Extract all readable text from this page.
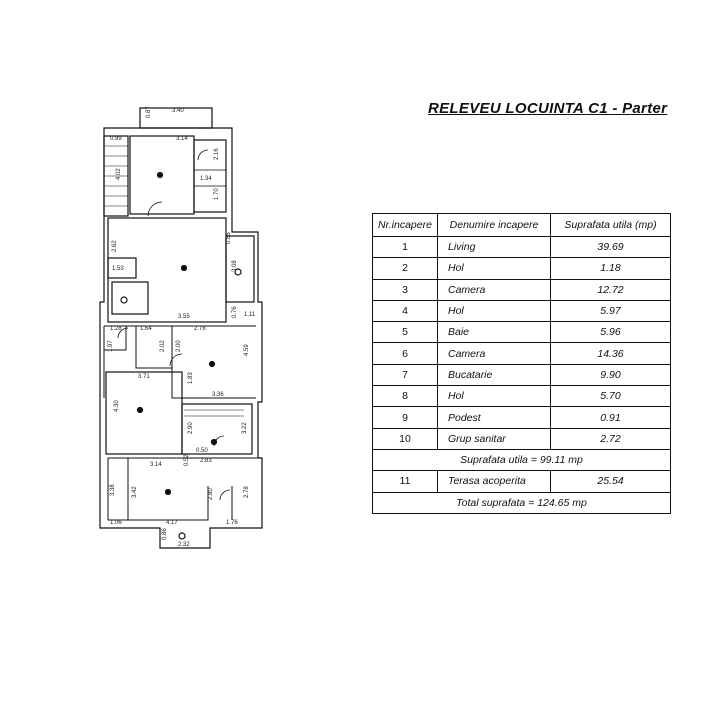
0.87	3.40
3.14
0.99
4.02
2.16
1.34
1.70
2.62
1.53
3.55
0.85
3.08
1.28	1.64	2.78
0.76 1.11
1.97	2.02 2.00	4.59
1.83
3.71
3.36
4.30
2.90
0.50
3.22
0.52 2.83
3.14
3.38	3.42	2.80	2.78
1.06	4.17	1.76
0.86
2.32
RELEVEU LOCUINTA C1 - Parter
Nr.incapere	Denumire incapere	Suprafata utila (mp)
1	Living	39.69
2	Hol	1.18
3	Camera	12.72
4	Hol	5.97
5	Baie	5.96
6	Camera	14.36
7	Bucatarie	9.90
8	Hol	5.70
9	Podest	0.91
10	Grup sanitar	2.72
Suprafata utila = 99.11 mp		
11	Terasa acoperita	25.54
Total suprafata = 124.65 mp		
